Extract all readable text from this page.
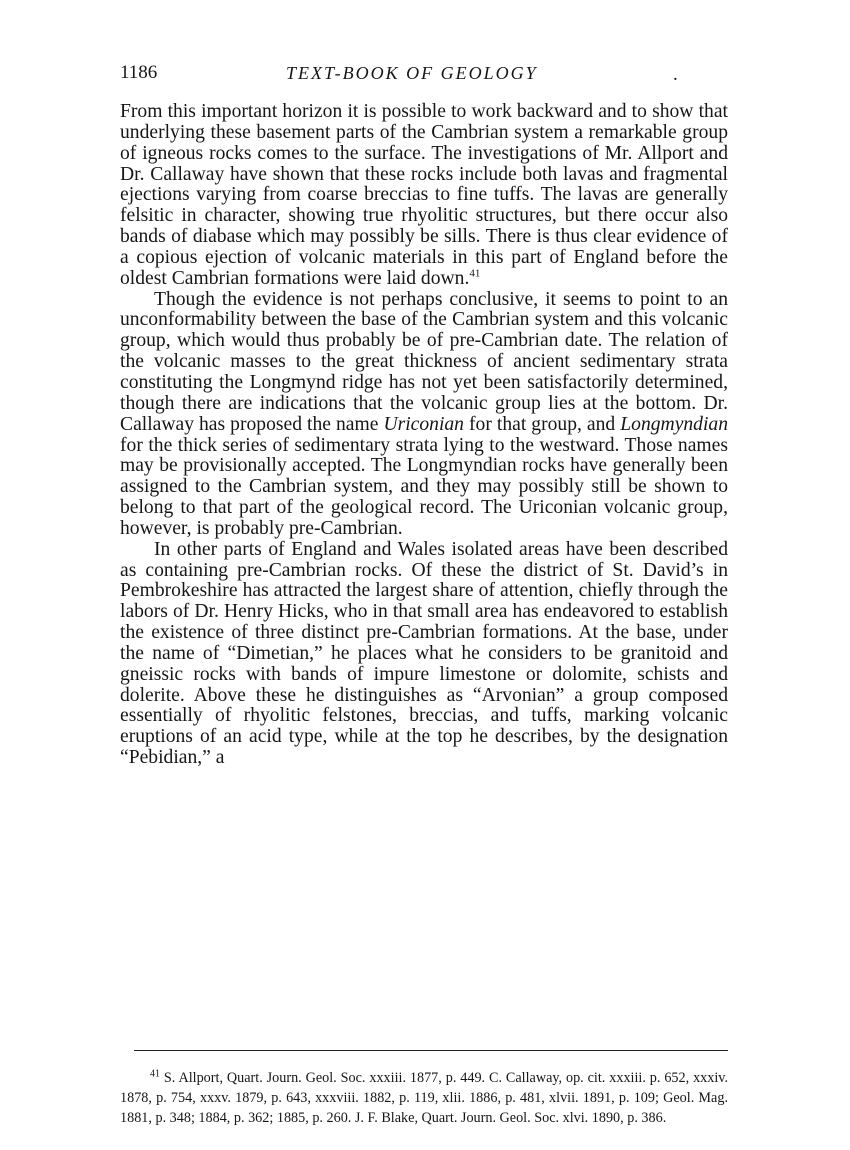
1186	TEXT-BOOK OF GEOLOGY	.

From this important horizon it is possible to work backward and to show that underlying these basement parts of the Cambrian system a remarkable group of igneous rocks comes to the surface. The investigations of Mr. Allport and Dr. Callaway have shown that these rocks include both lavas and fragmental ejections varying from coarse breccias to fine tuffs. The lavas are generally felsitic in character, showing true rhyolitic structures, but there occur also bands of diabase which may possibly be sills. There is thus clear evidence of a copious ejection of volcanic materials in this part of England before the oldest Cambrian formations were laid down.$^{41}$

Though the evidence is not perhaps conclusive, it seems to point to an unconformability between the base of the Cambrian system and this volcanic group, which would thus probably be of pre-Cambrian date. The relation of the volcanic masses to the great thickness of ancient sedimentary strata constituting the Longmynd ridge has not yet been satisfactorily determined, though there are indications that the volcanic group lies at the bottom. Dr. Callaway has proposed the name Uriconian for that group, and Longmyndian for the thick series of sedimentary strata lying to the westward. Those names may be provisionally accepted. The Longmyndian rocks have generally been assigned to the Cambrian system, and they may possibly still be shown to belong to that part of the geological record. The Uriconian volcanic group, however, is probably pre-Cambrian.

In other parts of England and Wales isolated areas have been described as containing pre-Cambrian rocks. Of these the district of St. David’s in Pembrokeshire has attracted the largest share of attention, chiefly through the labors of Dr. Henry Hicks, who in that small area has endeavored to establish the existence of three distinct pre-Cambrian formations. At the base, under the name of “Dimetian,” he places what he considers to be granitoid and gneissic rocks with bands of impure limestone or dolomite, schists and dolerite. Above these he distinguishes as “Arvonian” a group composed essentially of rhyolitic felstones, breccias, and tuffs, marking volcanic eruptions of an acid type, while at the top he describes, by the designation “Pebidian,” a

$^{41}$ S. Allport, Quart. Journ. Geol. Soc. xxxiii. 1877, p. 449. C. Callaway, op. cit. xxxiii. p. 652, xxxiv. 1878, p. 754, xxxv. 1879, p. 643, xxxviii. 1882, p. 119, xlii. 1886, p. 481, xlvii. 1891, p. 109; Geol. Mag. 1881, p. 348; 1884, p. 362; 1885, p. 260. J. F. Blake, Quart. Journ. Geol. Soc. xlvi. 1890, p. 386.
